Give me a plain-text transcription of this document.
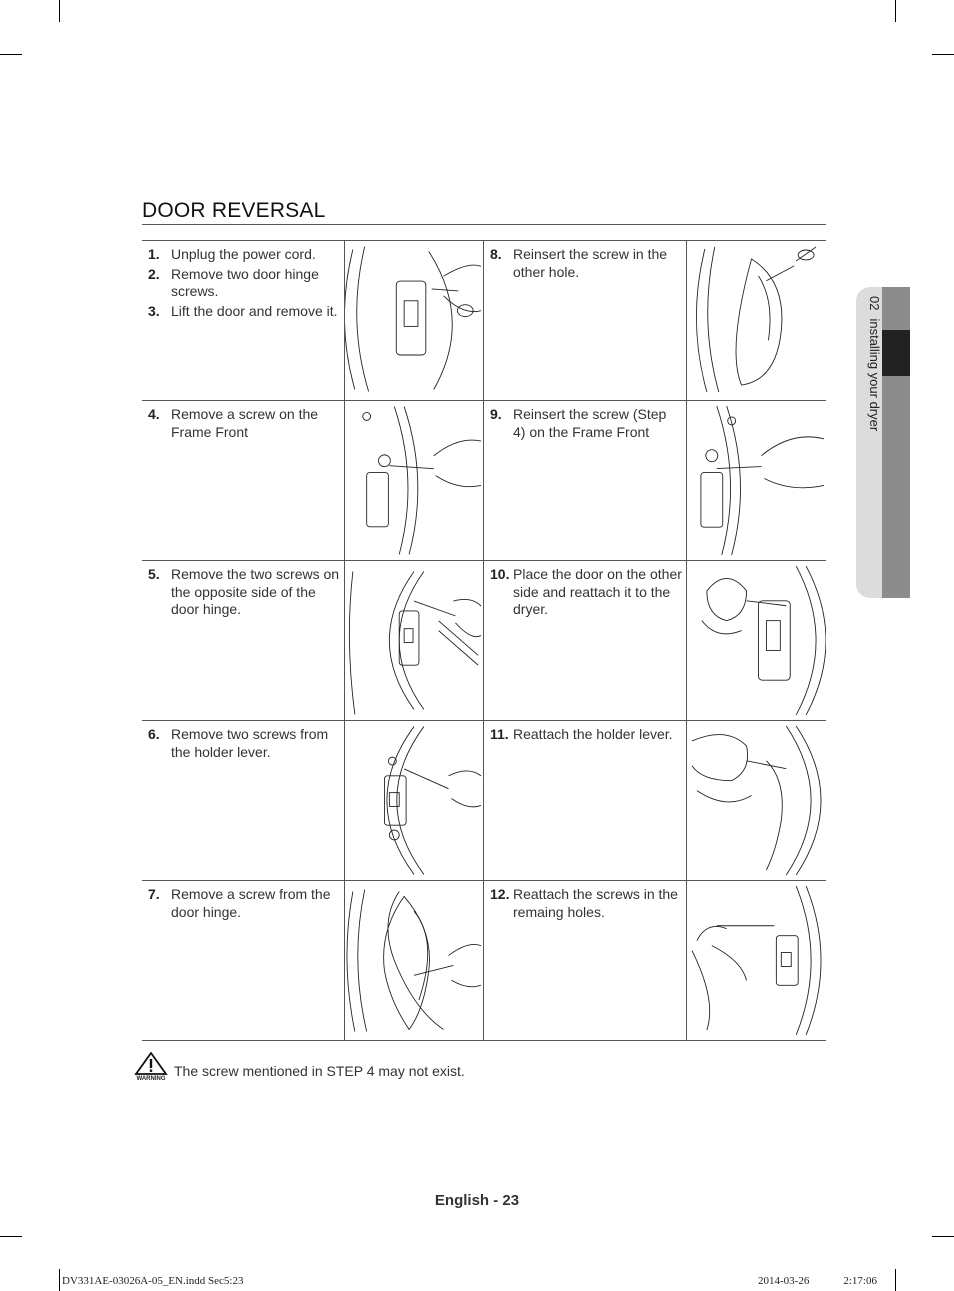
DOOR REVERSAL
1. Unplug the power cord.
2. Remove two door hinge screws.
3. Lift the door and remove it.
8. Reinsert the screw in the other hole.
4. Remove a screw on the Frame Front
9. Reinsert the screw (Step 4) on the Frame Front
5. Remove the two screws on the opposite side of the door hinge.
10. Place the door on the other side and reattach it to the dryer.
6. Remove two screws from the holder lever.
11. Reattach the holder lever.
7. Remove a screw from the door hinge.
12. Reattach the screws in the remaing holes.
WARNING The screw mentioned in STEP 4 may not exist.
02installing your dryer
English - 23
DV331AE-03026A-05_EN.indd Sec5:23	2014-03-26	2:17:06
